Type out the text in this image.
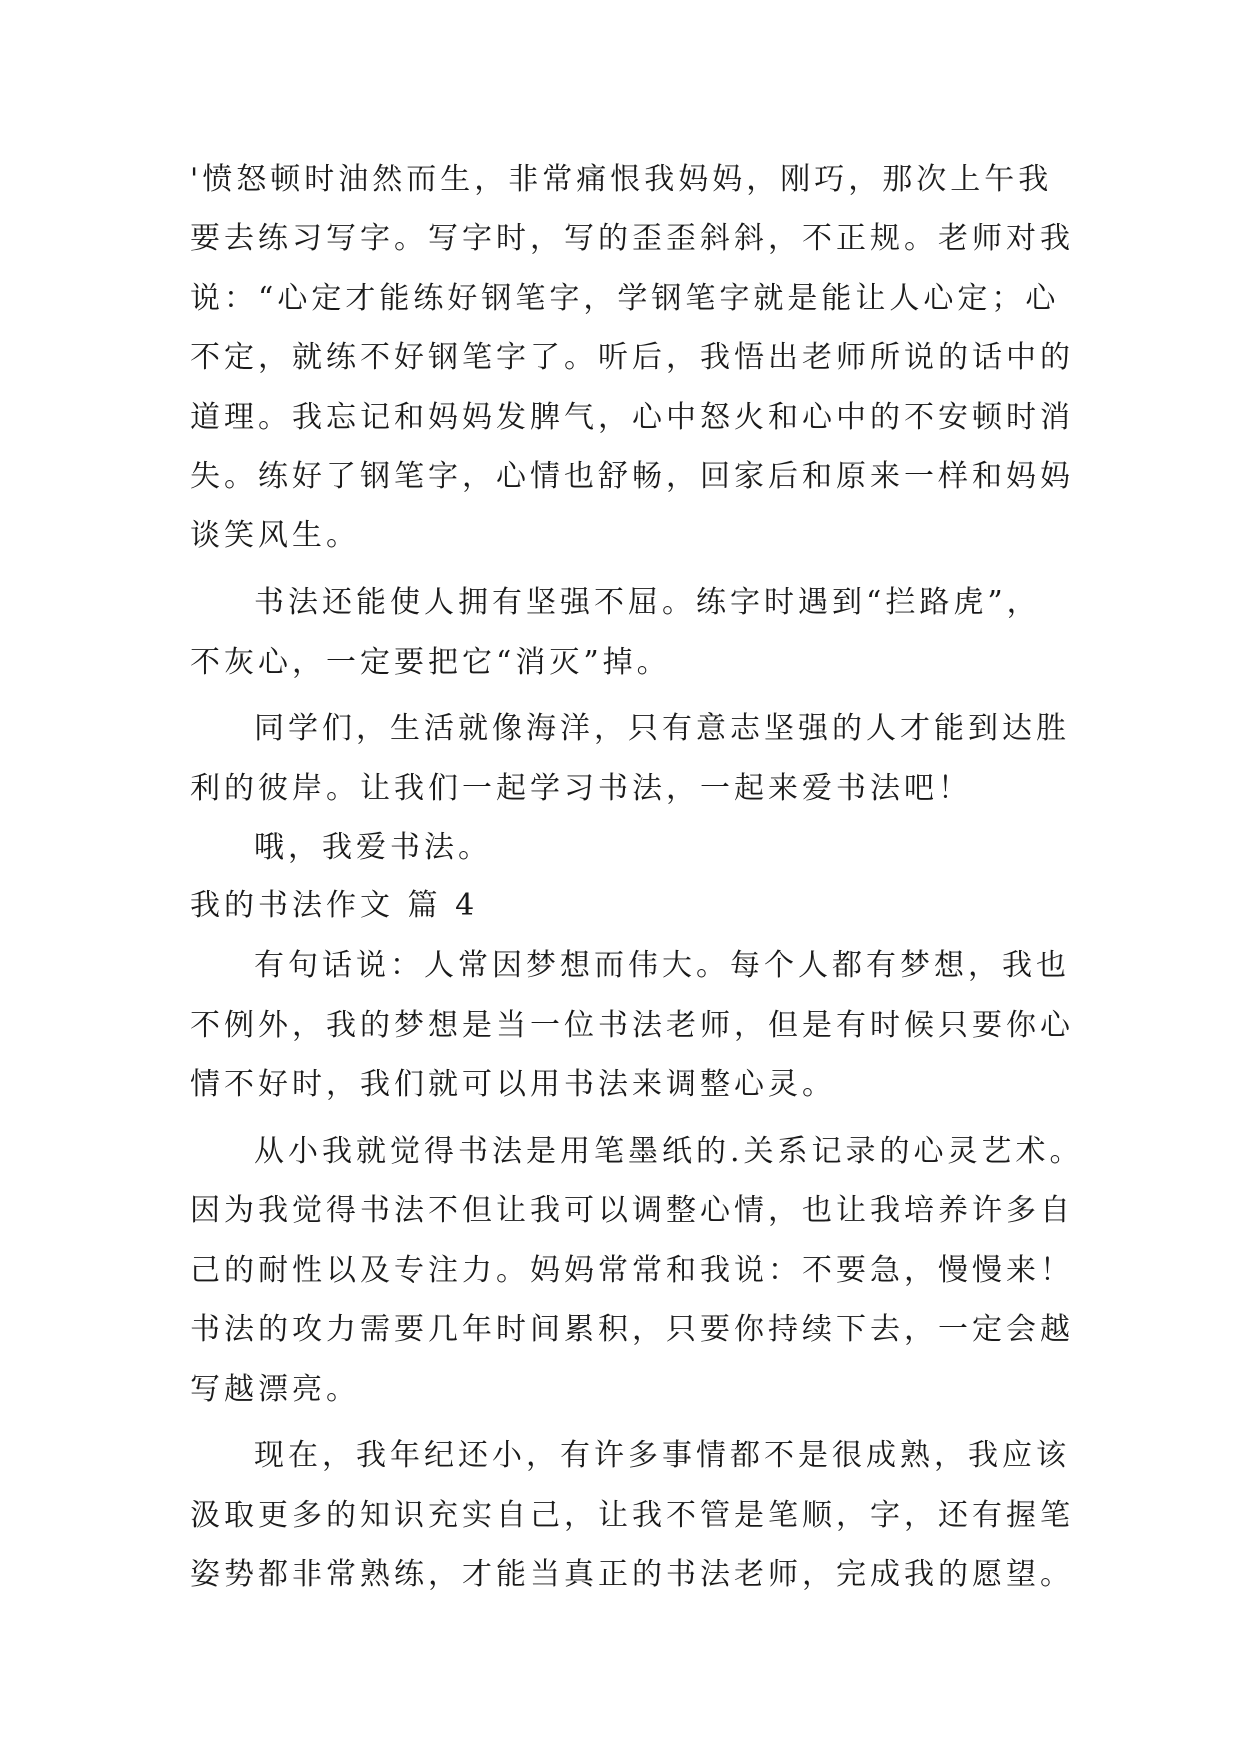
'愤怒顿时油然而生，非常痛恨我妈妈，刚巧，那次上午我
要去练习写字。写字时，写的歪歪斜斜，不正规。老师对我
说：“心定才能练好钢笔字，学钢笔字就是能让人心定；心
不定，就练不好钢笔字了。听后，我悟出老师所说的话中的
道理。我忘记和妈妈发脾气，心中怒火和心中的不安顿时消
失。练好了钢笔字，心情也舒畅，回家后和原来一样和妈妈
谈笑风生。
书法还能使人拥有坚强不屈。练字时遇到“拦路虎”，
不灰心，一定要把它“消灭”掉。
同学们，生活就像海洋，只有意志坚强的人才能到达胜
利的彼岸。让我们一起学习书法，一起来爱书法吧！
哦，我爱书法。
我的书法作文 篇 4
有句话说：人常因梦想而伟大。每个人都有梦想，我也
不例外，我的梦想是当一位书法老师，但是有时候只要你心
情不好时，我们就可以用书法来调整心灵。
从小我就觉得书法是用笔墨纸的.关系记录的心灵艺术。
因为我觉得书法不但让我可以调整心情，也让我培养许多自
己的耐性以及专注力。妈妈常常和我说：不要急，慢慢来！
书法的攻力需要几年时间累积，只要你持续下去，一定会越
写越漂亮。
现在，我年纪还小，有许多事情都不是很成熟，我应该
汲取更多的知识充实自己，让我不管是笔顺，字，还有握笔
姿势都非常熟练，才能当真正的书法老师，完成我的愿望。
